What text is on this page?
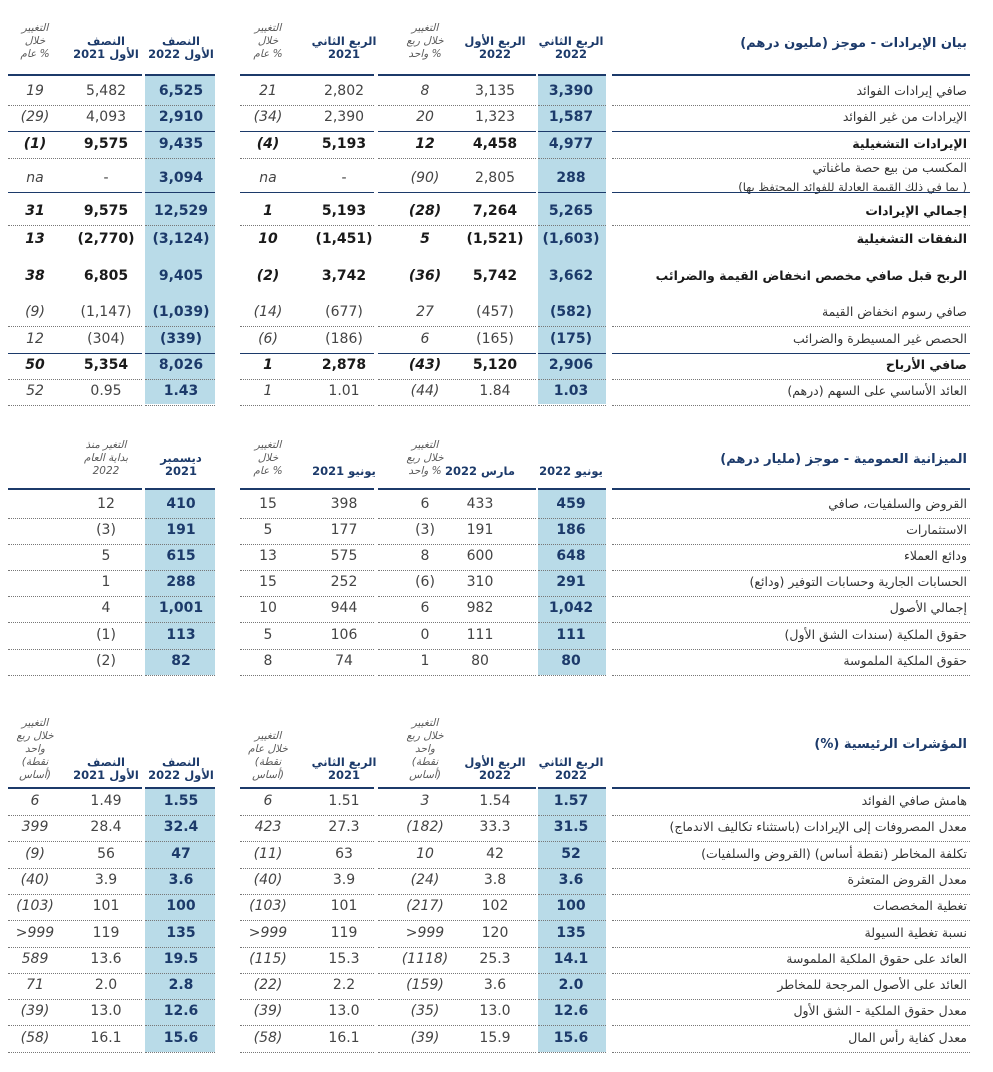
بيان الإيرادات - موجز (مليون درهم)
الربع الثاني
2022
الربع الأول
2022
التغيير
خلال ربع
واحد %
الربع الثاني
2021
التغيير
خلال
عام %
النصف
الأول 2022
النصف
الأول 2021
التغيير
خلال
عام %
صافي إيرادات الفوائد
3,390
3,135
8
2,802
21
6,525
5,482
19
الإيرادات من غير الفوائد
1,587
1,323
20
2,390
(34)
2,910
4,093
(29)
الإيرادات التشغيلية
4,977
4,458
12
5,193
(4)
9,435
9,575
(1)
المكسب من بيع حصة ماغناتي
( بما في ذلك القيمة العادلة للفوائد المحتفظ بها)
288
2,805
(90)
-
na
3,094
-
na
إجمالي الإيرادات
5,265
7,264
(28)
5,193
1
12,529
9,575
31
النفقات التشغيلية
(1,603)
(1,521)
5
(1,451)
10
(3,124)
(2,770)
13
الربح قبل صافي مخصص انخفاض القيمة والضرائب
3,662
5,742
(36)
3,742
(2)
9,405
6,805
38
صافي رسوم انخفاض القيمة
(582)
(457)
27
(677)
(14)
(1,039)
(1,147)
(9)
الحصص غير المسيطرة والضرائب
(175)
(165)
6
(186)
(6)
(339)
(304)
12
صافي الأرباح
2,906
5,120
(43)
2,878
1
8,026
5,354
50
العائد الأساسي على السهم (درهم)
1.03
1.84
(44)
1.01
1
1.43
0.95
52
الميزانية العمومية - موجز (مليار درهم)
يونيو 2022
مارس 2022
التغيير
خلال ربع
واحد %
يونيو 2021
التغيير
خلال
عام %
ديسمبر
2021
التغير منذ
بداية العام
2022
القروض والسلفيات، صافي
459
433
6
398
15
410
12
الاستثمارات
186
191
(3)
177
5
191
(3)
ودائع العملاء
648
600
8
575
13
615
5
الحسابات الجارية وحسابات التوفير (ودائع)
291
310
(6)
252
15
288
1
إجمالي الأصول
1,042
982
6
944
10
1,001
4
حقوق الملكية (سندات الشق الأول)
111
111
0
106
5
113
(1)
حقوق الملكية الملموسة
80
80
1
74
8
82
(2)
المؤشرات الرئيسية (%)
الربع الثاني
2022
الربع الأول
2022
التغيير
خلال ربع
واحد
(نقطة
أساس)
الربع الثاني
2021
التغيير
خلال عام
(نقطة
أساس)
النصف
الأول 2022
النصف
الأول 2021
التغيير
خلال ربع
واحد
(نقطة
أساس)
هامش صافي الفوائد
1.57
1.54
3
1.51
6
1.55
1.49
6
معدل المصروفات إلى الإيرادات (باستثناء تكاليف الاندماج)
31.5
33.3
(182)
27.3
423
32.4
28.4
399
تكلفة المخاطر (نقطة أساس) (القروض والسلفيات)
52
42
10
63
(11)
47
56
(9)
معدل القروض المتعثرة
3.6
3.8
(24)
3.9
(40)
3.6
3.9
(40)
تغطية المخصصات
100
102
(217)
101
(103)
100
101
(103)
نسبة تغطية السيولة
135
120
>999
119
>999
135
119
>999
العائد على حقوق الملكية الملموسة
14.1
25.3
(1118)
15.3
(115)
19.5
13.6
589
العائد على الأصول المرجحة للمخاطر
2.0
3.6
(159)
2.2
(22)
2.8
2.0
71
معدل حقوق الملكية - الشق الأول
12.6
13.0
(35)
13.0
(39)
12.6
13.0
(39)
معدل كفاية رأس المال
15.6
15.9
(39)
16.1
(58)
15.6
16.1
(58)
